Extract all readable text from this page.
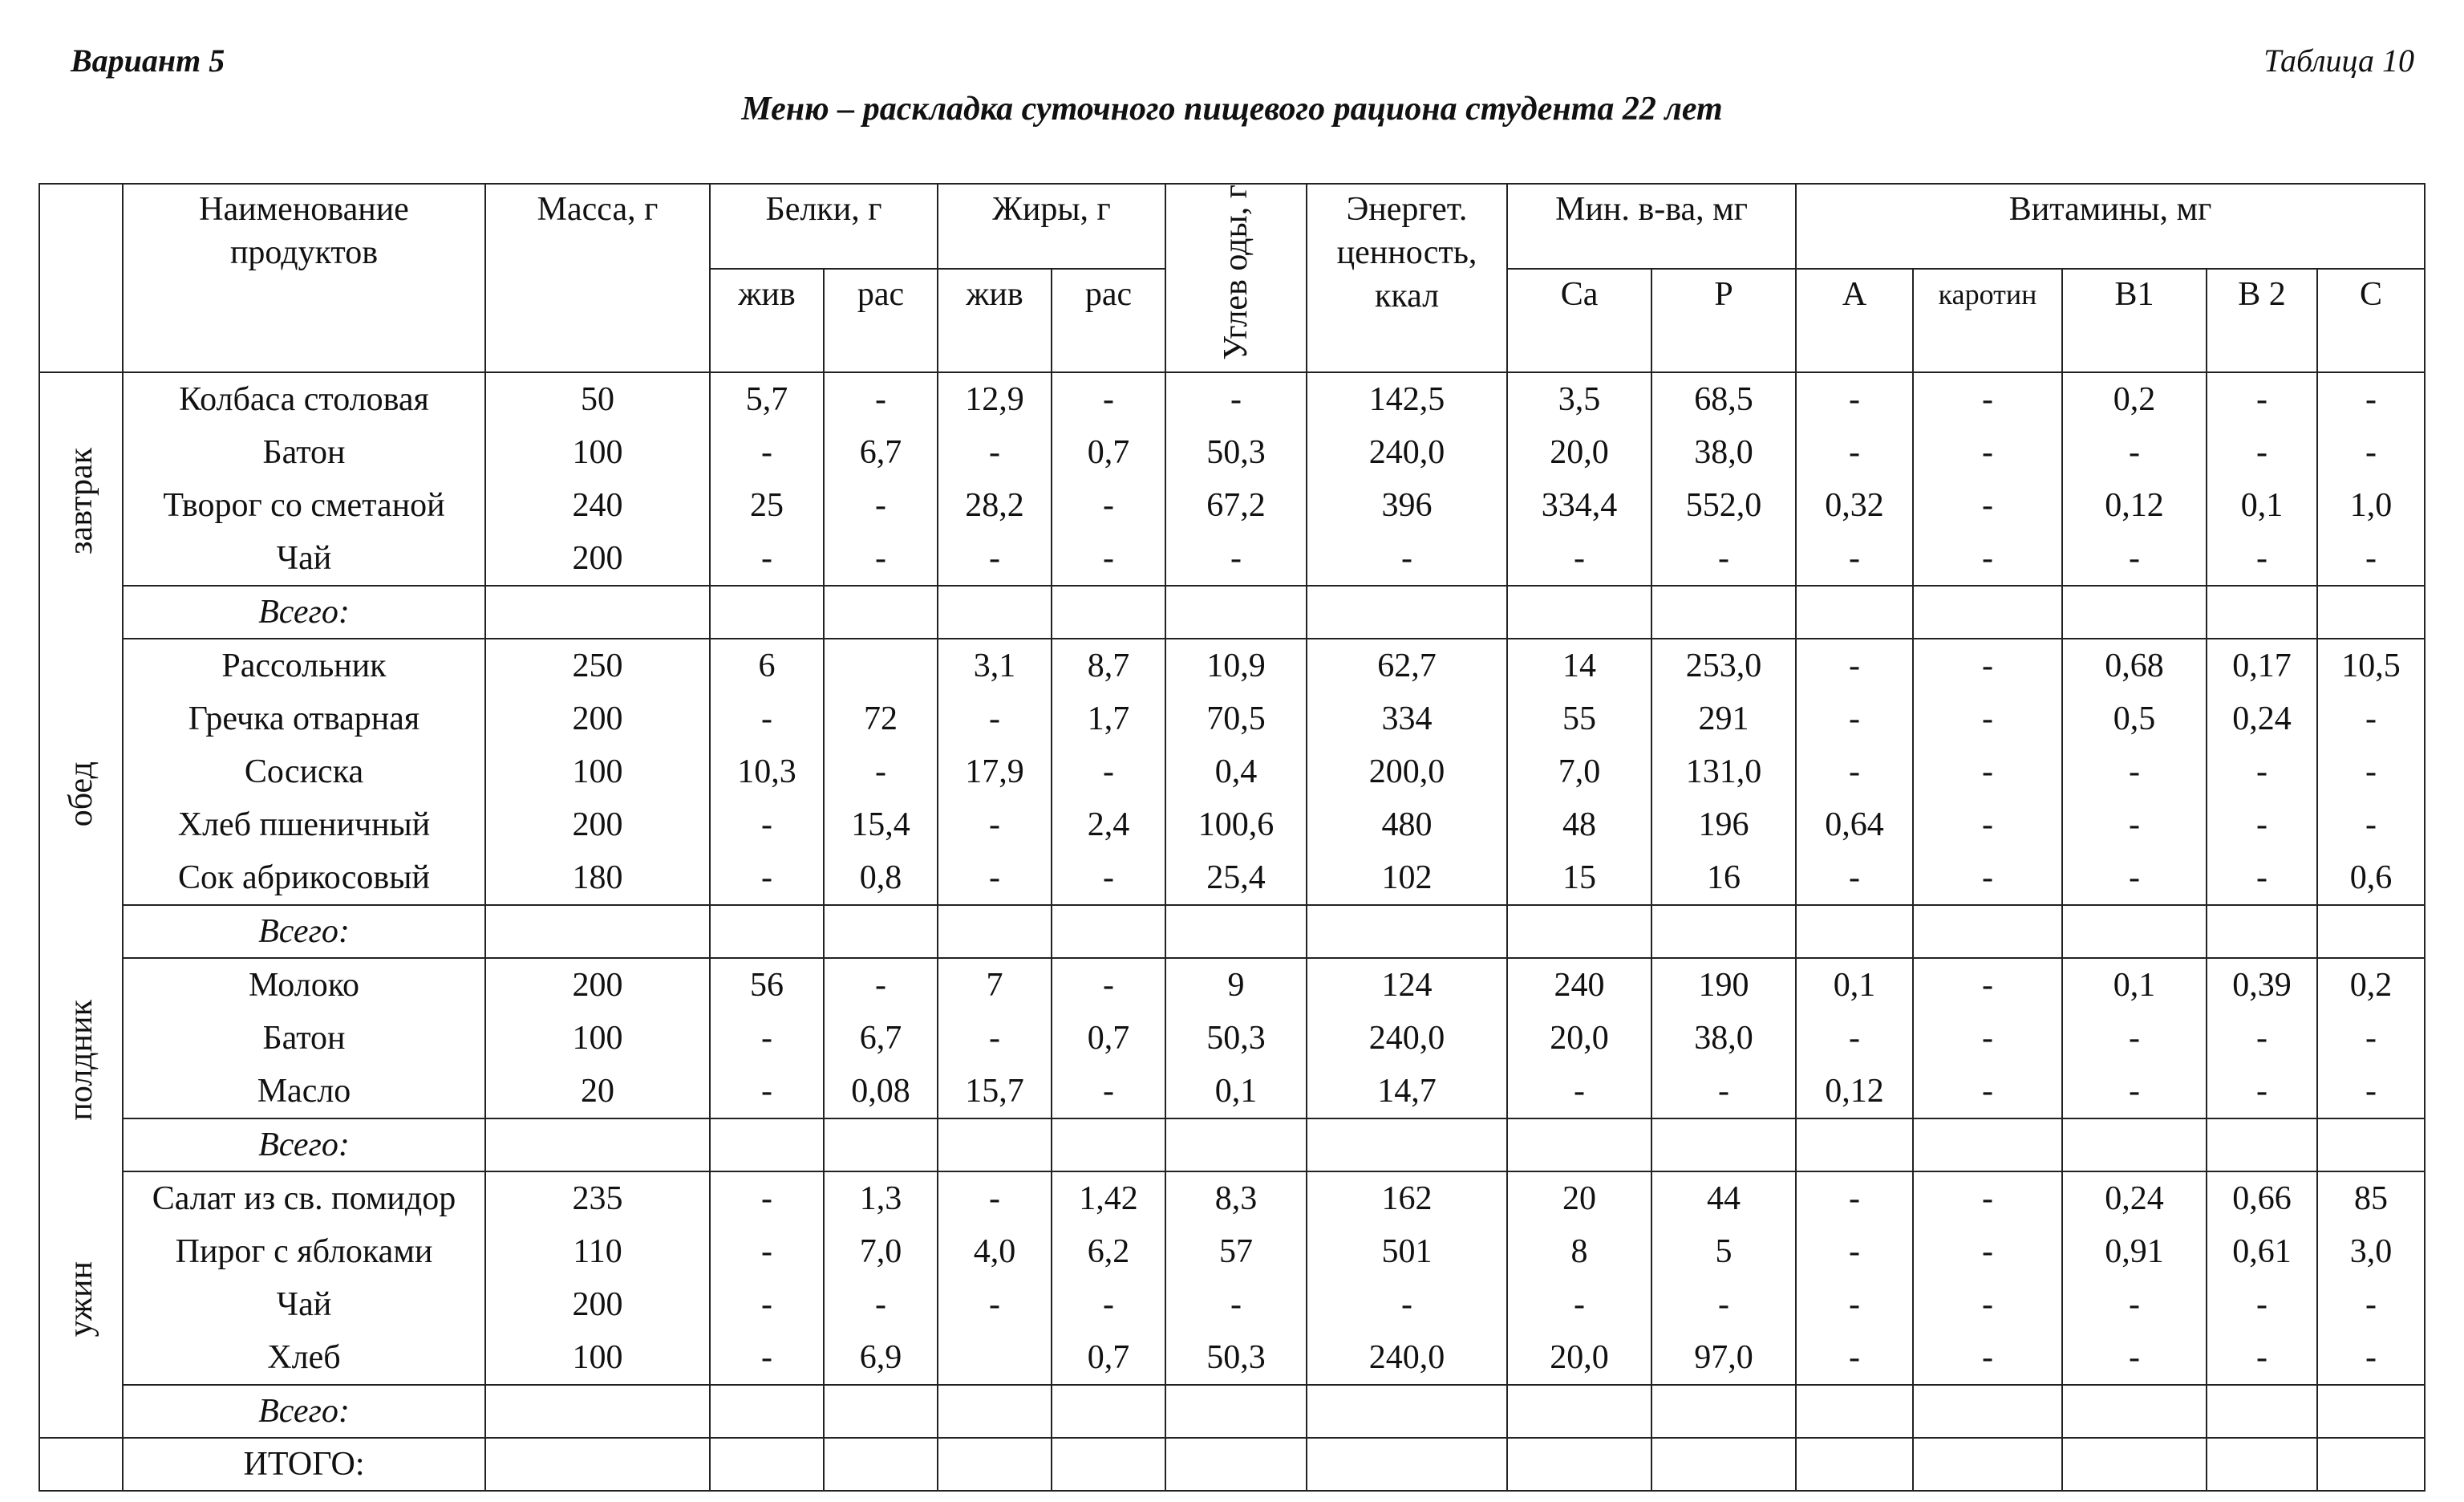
Вариант 5	Таблица 10
Меню – раскладка суточного пищевого рациона студента 22 лет
	Наименование продуктов	Масса, г	Белки, г		Жиры, г		Углев оды, г	Энергет. ценность, ккал	Мин. в-ва, мг		Витамины, мг				
			жив	рас	жив	рас			Ca	P	А	каротин	В1	В 2	С
завтрак	Колбаса столовая	50	5,7	-	12,9	-	-	142,5	3,5	68,5	-	-	0,2	-	-
	Батон	100	-	6,7	-	0,7	50,3	240,0	20,0	38,0	-	-	-	-	-
	Творог со сметаной	240	25	-	28,2	-	67,2	396	334,4	552,0	0,32	-	0,12	0,1	1,0
	Чай	200	-	-	-	-	-	-	-	-	-	-	-	-	-
	Всего:														
обед	Рассольник	250	6		3,1	8,7	10,9	62,7	14	253,0	-	-	0,68	0,17	10,5
	Гречка отварная	200	-	72	-	1,7	70,5	334	55	291	-	-	0,5	0,24	-
	Сосиска	100	10,3	-	17,9	-	0,4	200,0	7,0	131,0	-	-	-	-	-
	Хлеб пшеничный	200	-	15,4	-	2,4	100,6	480	48	196	0,64	-	-	-	-
	Сок абрикосовый	180	-	0,8	-	-	25,4	102	15	16	-	-	-	-	0,6
	Всего:														
полдник	Молоко	200	56	-	7	-	9	124	240	190	0,1	-	0,1	0,39	0,2
	Батон	100	-	6,7	-	0,7	50,3	240,0	20,0	38,0	-	-	-	-	-
	Масло	20	-	0,08	15,7	-	0,1	14,7	-	-	0,12	-	-	-	-
	Всего:														
ужин	Салат из св. помидор	235	-	1,3	-	1,42	8,3	162	20	44	-	-	0,24	0,66	85
	Пирог с яблоками	110	-	7,0	4,0	6,2	57	501	8	5	-	-	0,91	0,61	3,0
	Чай	200	-	-	-	-	-	-	-	-	-	-	-	-	-
	Хлеб	100	-	6,9		0,7	50,3	240,0	20,0	97,0	-	-	-	-	-
	Всего:														
	ИТОГО:														
